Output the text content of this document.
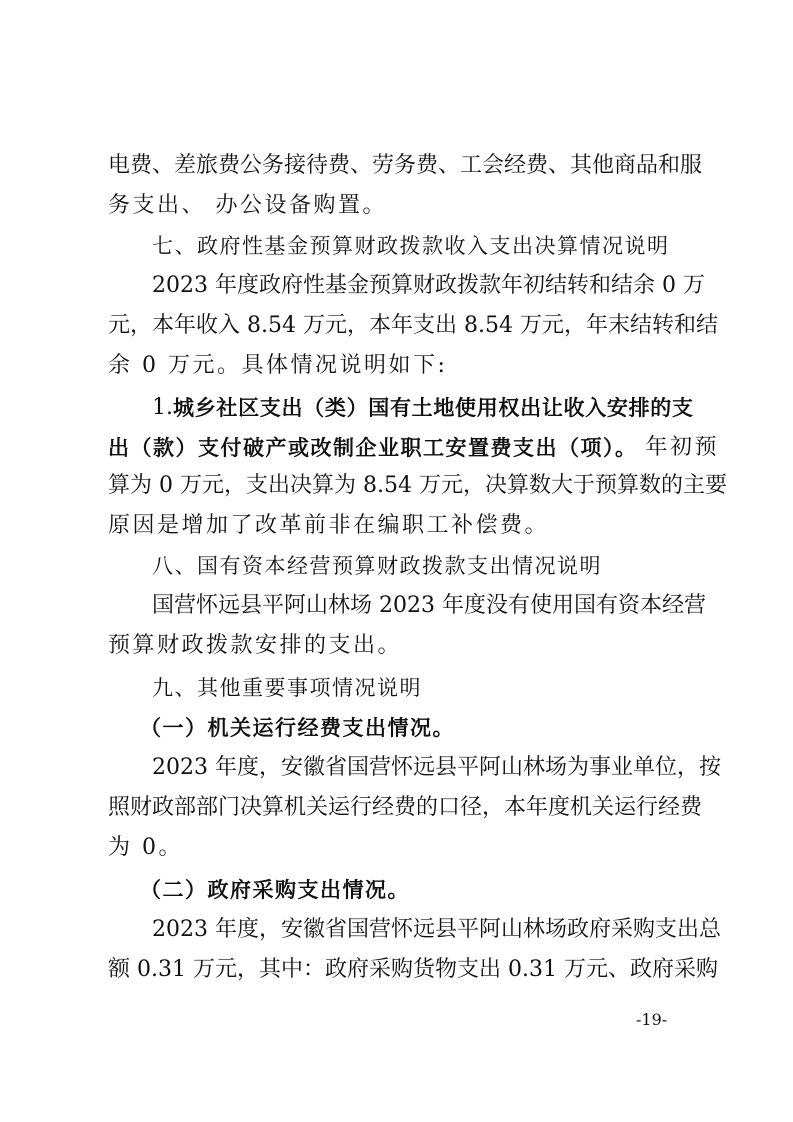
电费、差旅费公务接待费、劳务费、工会经费、其他商品和服
务支出、 办公设备购置。
七、政府性基金预算财政拨款收入支出决算情况说明
2023 年度政府性基金预算财政拨款年初结转和结余 0 万
元，本年收入 8.54 万元，本年支出 8.54 万元，年末结转和结
余 0 万元。具体情况说明如下:
1. 城乡社区支出（类）国有土地使用权出让收入安排的支
出（款）支付破产或改制企业职工安置费支出（项）。 年初预
算为 0 万元，支出决算为 8.54 万元，决算数大于预算数的主要
原因是增加了改革前非在编职工补偿费。
八、国有资本经营预算财政拨款支出情况说明
国营怀远县平阿山林场 2023 年度没有使用国有资本经营
预算财政拨款安排的支出。
九、其他重要事项情况说明
（一）机关运行经费支出情况。
2023 年度，安徽省国营怀远县平阿山林场为事业单位，按
照财政部部门决算机关运行经费的口径，本年度机关运行经费
为 0。
（二）政府采购支出情况。
2023 年度，安徽省国营怀远县平阿山林场政府采购支出总
额 0.31 万元，其中：政府采购货物支出 0.31 万元、政府采购
-19-
